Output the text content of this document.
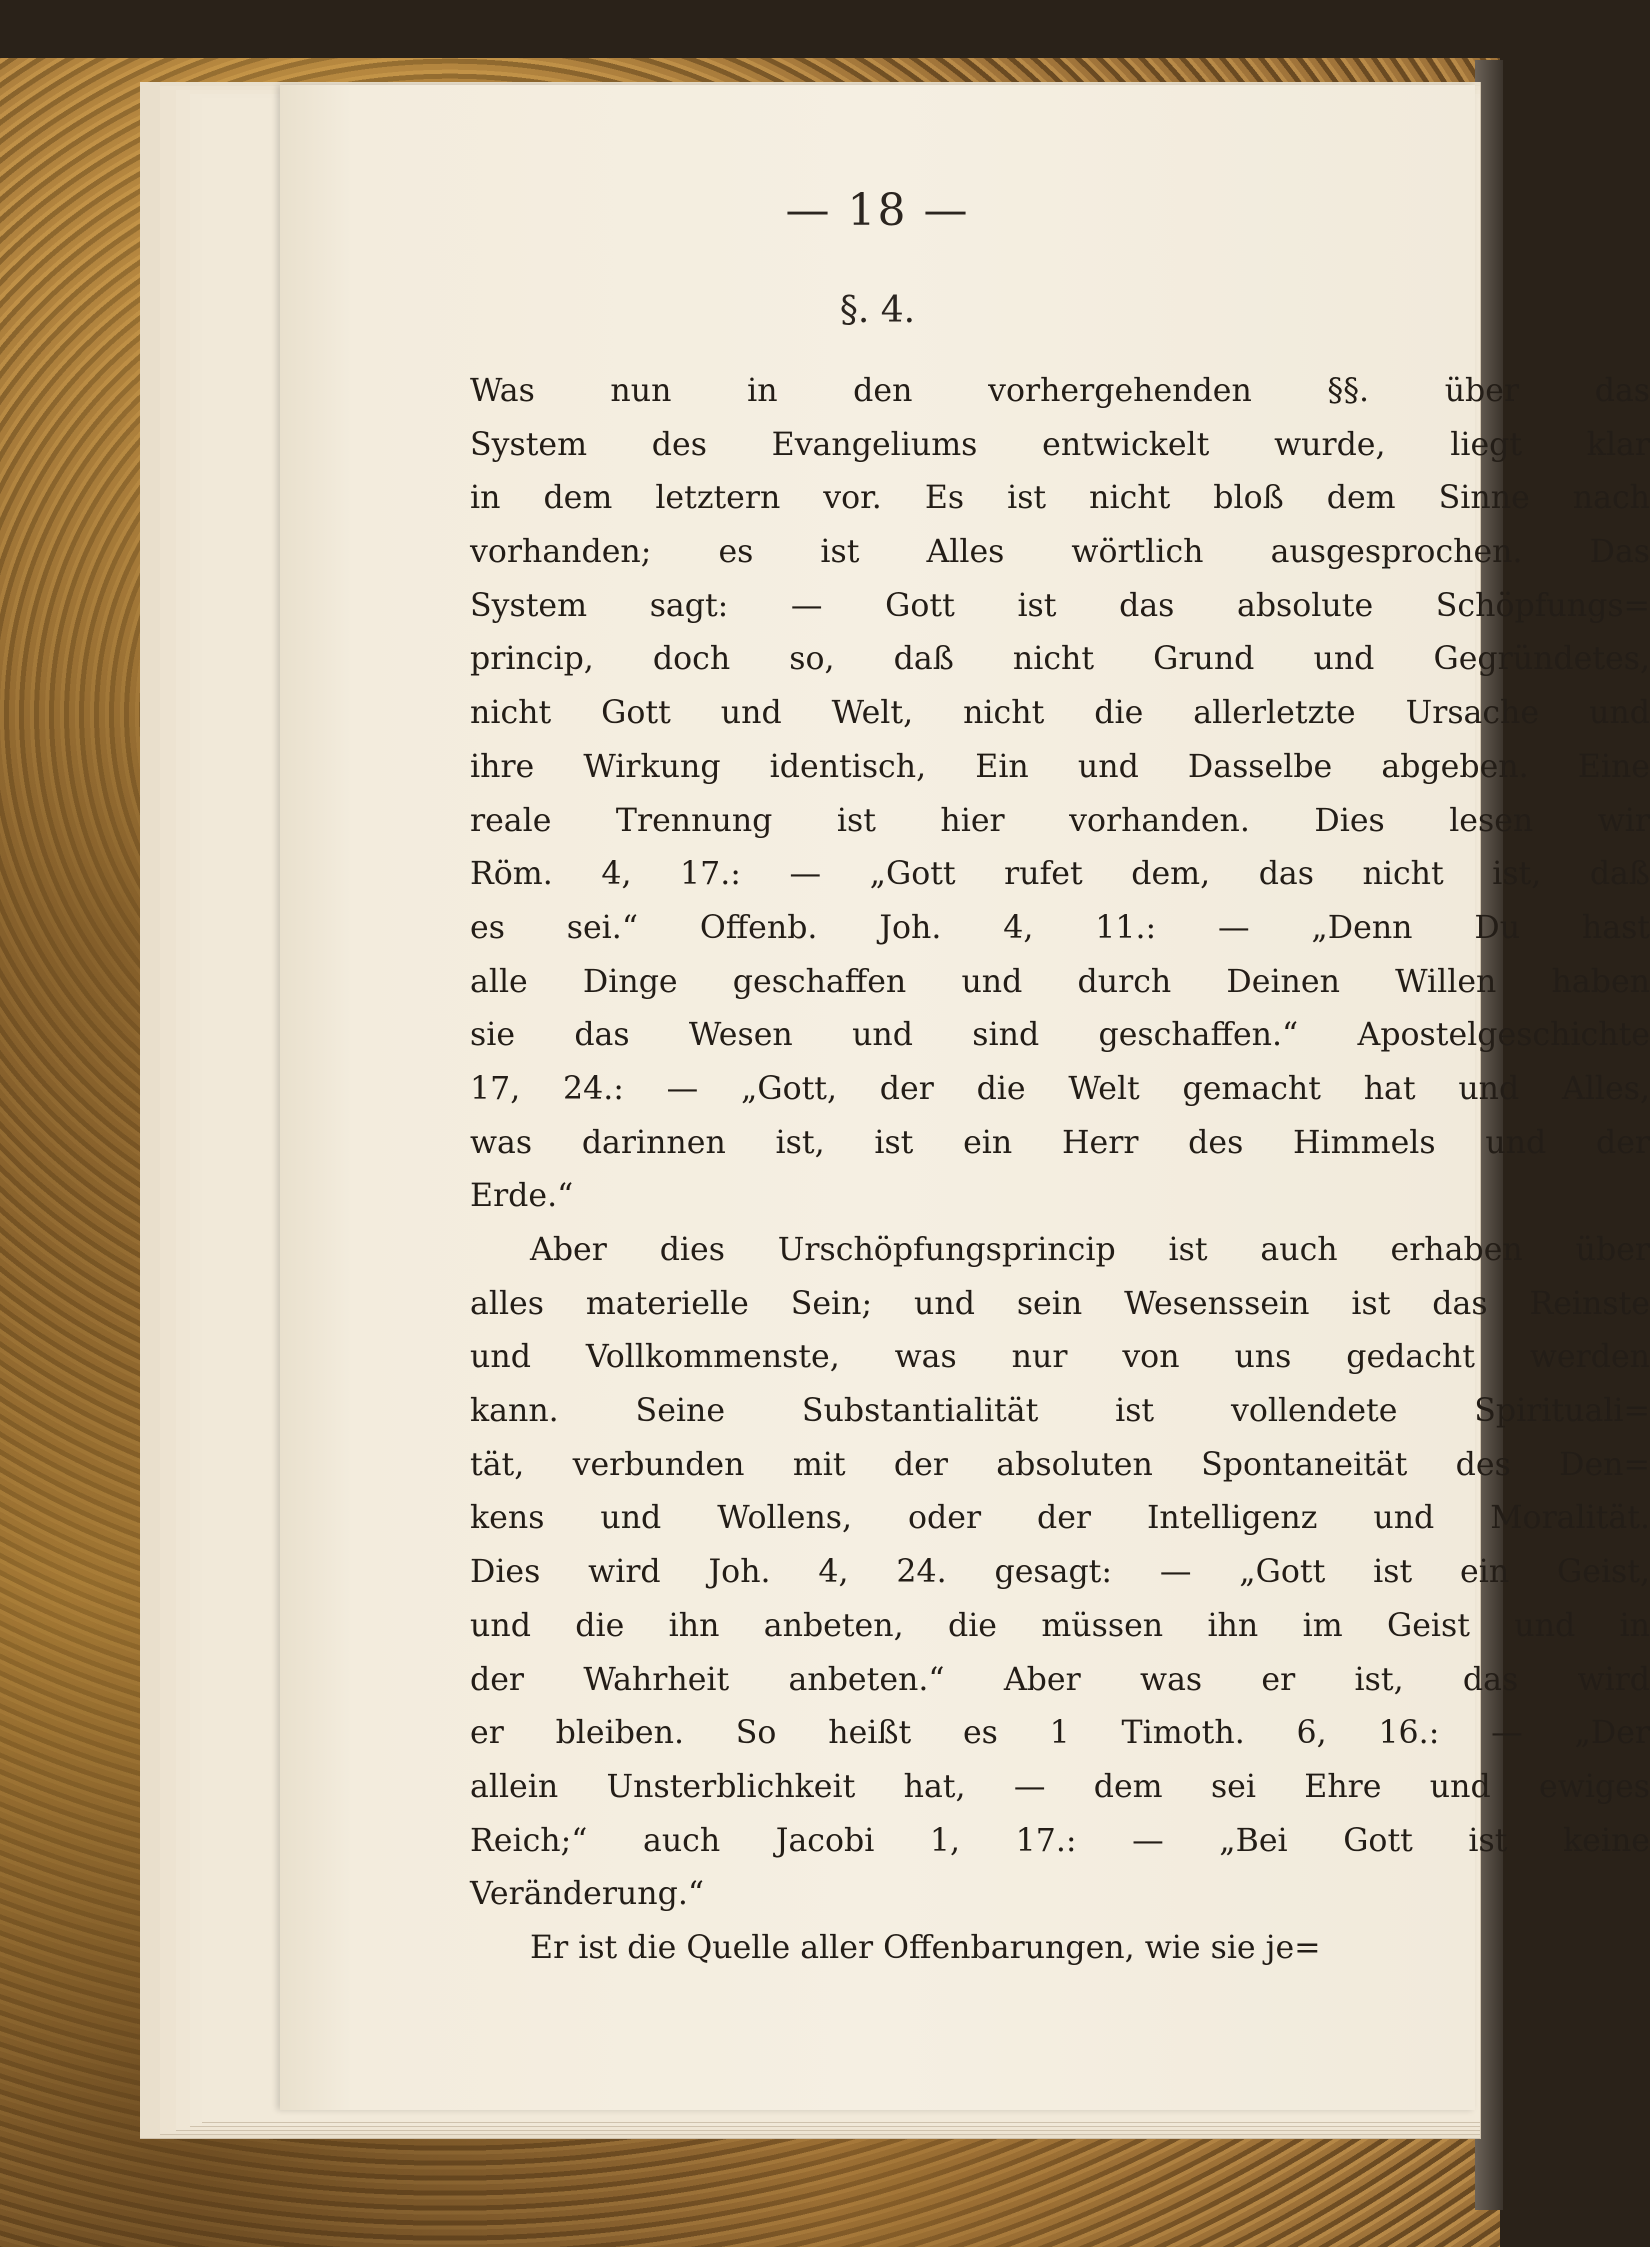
— 18 —
§. 4.
Was nun in den vorhergehenden §§. über das
System des Evangeliums entwickelt wurde, liegt klar
in dem letztern vor. Es ist nicht bloß dem Sinne nach
vorhanden; es ist Alles wörtlich ausgesprochen. Das
System sagt: — Gott ist das absolute Schöpfungs=
princip, doch so, daß nicht Grund und Gegründetes,
nicht Gott und Welt, nicht die allerletzte Ursache und
ihre Wirkung identisch, Ein und Dasselbe abgeben. Eine
reale Trennung ist hier vorhanden. Dies lesen wir
Röm. 4, 17.: — „Gott rufet dem, das nicht ist, daß
es sei.“ Offenb. Joh. 4, 11.: — „Denn Du hast
alle Dinge geschaffen und durch Deinen Willen haben
sie das Wesen und sind geschaffen.“ Apostelgeschichte
17, 24.: — „Gott, der die Welt gemacht hat und Alles,
was darinnen ist, ist ein Herr des Himmels und der
Erde.“
Aber dies Urschöpfungsprincip ist auch erhaben über
alles materielle Sein; und sein Wesenssein ist das Reinste
und Vollkommenste, was nur von uns gedacht werden
kann. Seine Substantialität ist vollendete Spirituali=
tät, verbunden mit der absoluten Spontaneität des Den=
kens und Wollens, oder der Intelligenz und Moralität.
Dies wird Joh. 4, 24. gesagt: — „Gott ist ein Geist,
und die ihn anbeten, die müssen ihn im Geist und in
der Wahrheit anbeten.“ Aber was er ist, das wird
er bleiben. So heißt es 1 Timoth. 6, 16.: — „Der
allein Unsterblichkeit hat, — dem sei Ehre und ewiges
Reich;“ auch Jacobi 1, 17.: — „Bei Gott ist keine
Veränderung.“
Er ist die Quelle aller Offenbarungen, wie sie je=
